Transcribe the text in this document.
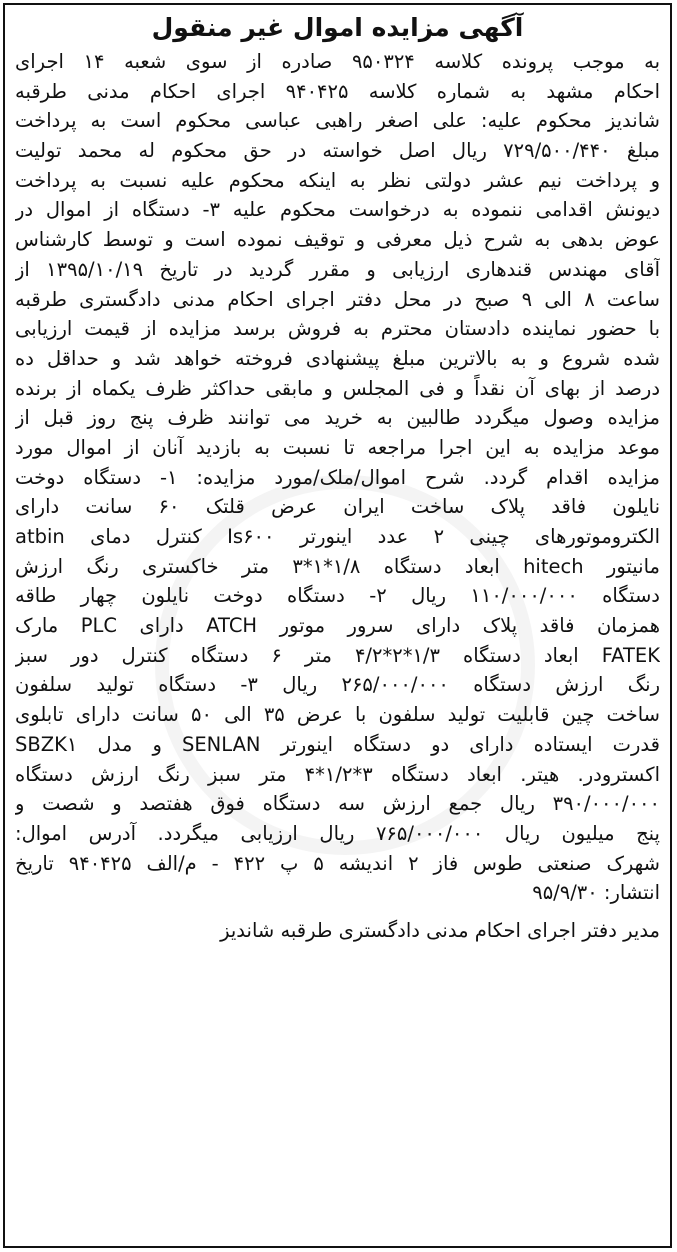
آگهی مزایده اموال غیر منقول
به موجب پرونده کلاسه ۹۵۰۳۲۴ صادره از سوی شعبه ۱۴ اجرای
احکام مشهد به شماره کلاسه ۹۴۰۴۲۵ اجرای احکام مدنی طرقبه
شاندیز محکوم علیه: علی اصغر راهبی عباسی محکوم است به پرداخت
مبلغ ۷۲۹/۵۰۰/۴۴۰ ریال اصل خواسته در حق محکوم له محمد تولیت
و پرداخت نیم عشر دولتی نظر به اینکه محکوم علیه نسبت به پرداخت
دیونش اقدامی ننموده به درخواست محکوم علیه ۳- دستگاه از اموال در
عوض بدهی به شرح ذیل معرفی و توقیف نموده است و توسط کارشناس
آقای مهندس قندهاری ارزیابی و مقرر گردید در تاریخ ۱۳۹۵/۱۰/۱۹ از
ساعت ۸ الی ۹ صبح در محل دفتر اجرای احکام مدنی دادگستری طرقبه
با حضور نماینده دادستان محترم به فروش برسد مزایده از قیمت ارزیابی
شده شروع و به بالاترین مبلغ پیشنهادی فروخته خواهد شد و حداقل ده
درصد از بهای آن نقداً و فی المجلس و مابقی حداکثر ظرف یکماه از برنده
مزایده وصول میگردد طالبین به خرید می توانند ظرف پنج روز قبل از
موعد مزایده به این اجرا مراجعه تا نسبت به بازدید آنان از اموال مورد
مزایده اقدام گردد. شرح اموال/ملک/مورد مزایده: ۱- دستگاه دوخت
نایلون فاقد پلاک ساخت ایران عرض قلتک ۶۰ سانت دارای
الکتروموتورهای چینی ۲ عدد اینورتر Is۶۰۰ کنترل دمای atbin
مانیتور hitech ابعاد دستگاه ۱/۸*۱*۳ متر خاکستری رنگ ارزش
دستگاه ۱۱۰/۰۰۰/۰۰۰ ریال ۲- دستگاه دوخت نایلون چهار طاقه
همزمان فاقد پلاک دارای سرور موتور ATCH دارای PLC مارک
FATEK ابعاد دستگاه ۱/۳*۲*۴/۲ متر ۶ دستگاه کنترل دور سبز
رنگ ارزش دستگاه ۲۶۵/۰۰۰/۰۰۰ ریال ۳- دستگاه تولید سلفون
ساخت چین قابلیت تولید سلفون با عرض ۳۵ الی ۵۰ سانت دارای تابلوی
قدرت ایستاده دارای دو دستگاه اینورتر SENLAN و مدل SBZK۱
اکسترودر. هیتر. ابعاد دستگاه ۳*۱/۲*۴ متر سبز رنگ ارزش دستگاه
۳۹۰/۰۰۰/۰۰۰ ریال جمع ارزش سه دستگاه فوق هفتصد و شصت و
پنج میلیون ریال ۷۶۵/۰۰۰/۰۰۰ ریال ارزیابی میگردد. آدرس اموال:
شهرک صنعتی طوس فاز ۲ اندیشه ۵ پ ۴۲۲ - م/الف ۹۴۰۴۲۵ تاریخ
انتشار: ۹۵/۹/۳۰

مدیر دفتر اجرای احکام مدنی دادگستری طرقبه شاندیز
